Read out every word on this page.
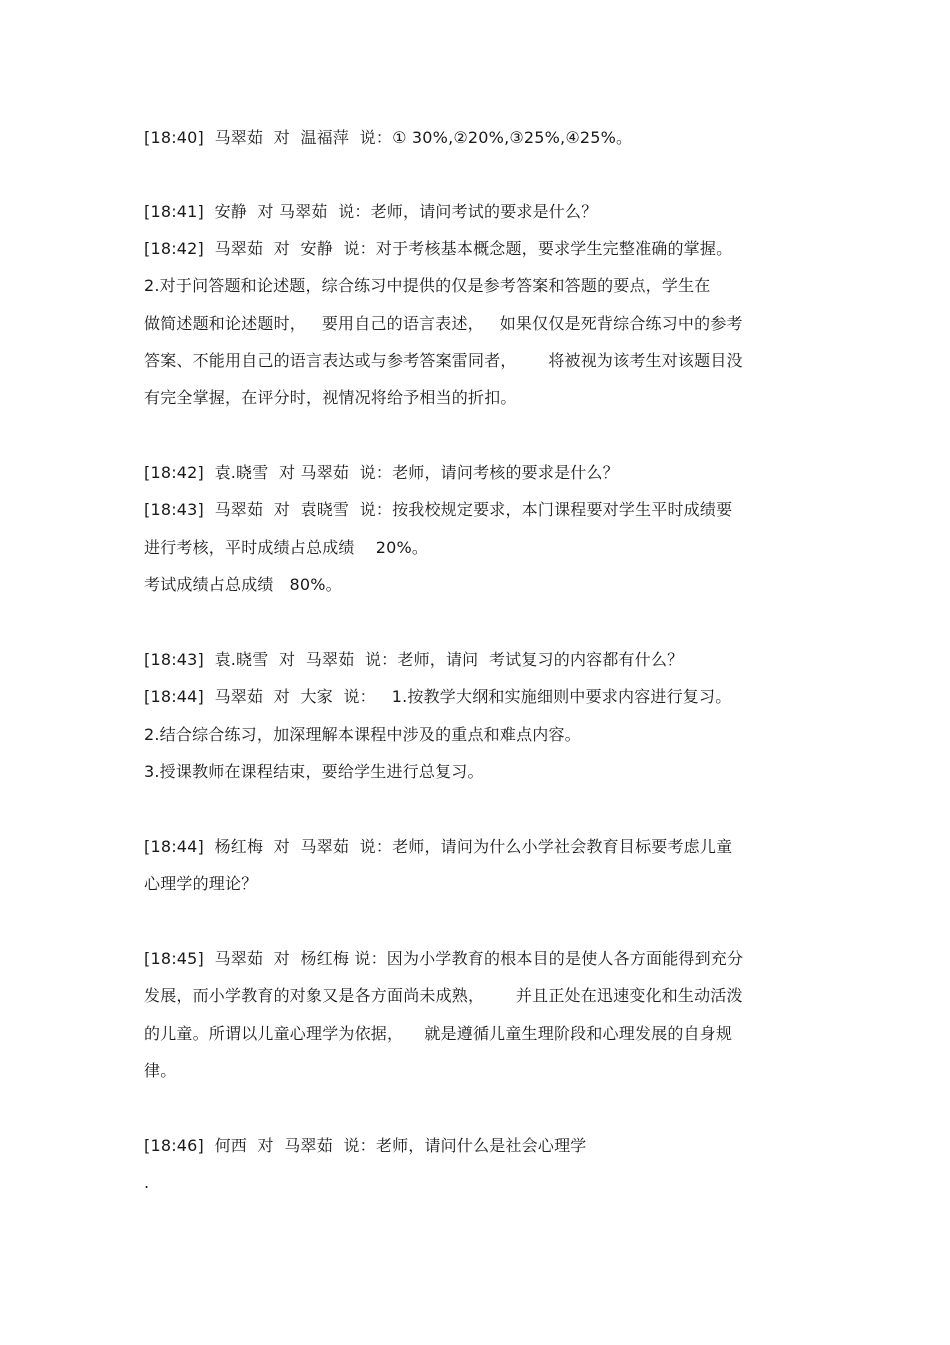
[18:40]  马翠茹  对  温福萍  说：① 30%,②20%,③25%,④25%。
[18:41]  安静  对 马翠茹  说：老师，请问考试的要求是什么？
[18:42]  马翠茹  对  安静  说：对于考核基本概念题，要求学生完整准确的掌握。
2.对于问答题和论述题，综合练习中提供的仅是参考答案和答题的要点，学生在
做简述题和论述题时，   要用自己的语言表述，   如果仅仅是死背综合练习中的参考
答案、不能用自己的语言表达或与参考答案雷同者，      将被视为该考生对该题目没
有完全掌握，在评分时，视情况将给予相当的折扣。
[18:42]  袁.晓雪  对 马翠茹  说：老师，请问考核的要求是什么？
[18:43]  马翠茹  对  袁晓雪  说：按我校规定要求，本门课程要对学生平时成绩要
进行考核，平时成绩占总成绩    20%。
考试成绩占总成绩   80%。
[18:43]  袁.晓雪  对  马翠茹  说：老师，请问  考试复习的内容都有什么？
[18:44]  马翠茹  对  大家  说：   1.按教学大纲和实施细则中要求内容进行复习。
2.结合综合练习，加深理解本课程中涉及的重点和难点内容。
3.授课教师在课程结束，要给学生进行总复习。
[18:44]  杨红梅  对  马翠茹  说：老师，请问为什么小学社会教育目标要考虑儿童
心理学的理论？
[18:45]  马翠茹  对  杨红梅 说：因为小学教育的根本目的是使人各方面能得到充分
发展，而小学教育的对象又是各方面尚未成熟，      并且正处在迅速变化和生动活泼
的儿童。所谓以儿童心理学为依据，    就是遵循儿童生理阶段和心理发展的自身规
律。
[18:46]  何西  对  马翠茹  说：老师，请问什么是社会心理学
.
